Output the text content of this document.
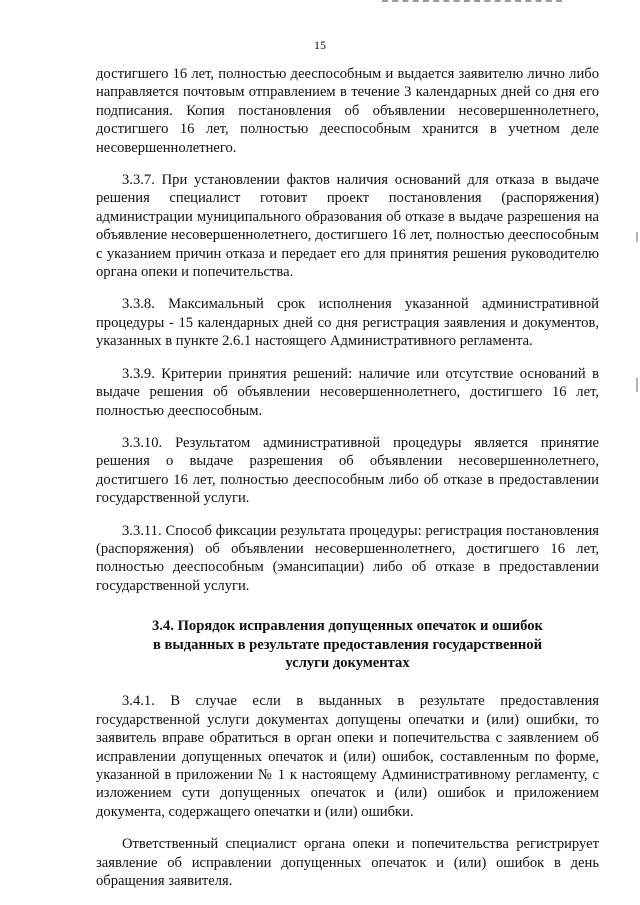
15

достигшего 16 лет, полностью дееспособным и выдается заявителю лично либо направляется почтовым отправлением в течение 3 календарных дней со дня его подписания. Копия постановления об объявлении несовершеннолетнего, достигшего 16 лет, полностью дееспособным хранится в учетном деле несовершеннолетнего.

3.3.7. При установлении фактов наличия оснований для отказа в выдаче решения специалист готовит проект постановления (распоряжения) администрации муниципального образования об отказе в выдаче разрешения на объявление несовершеннолетнего, достигшего 16 лет, полностью дееспособным с указанием причин отказа и передает его для принятия решения руководителю органа опеки и попечительства.

3.3.8. Максимальный срок исполнения указанной административной процедуры - 15 календарных дней со дня регистрация заявления и документов, указанных в пункте 2.6.1 настоящего Административного регламента.

3.3.9. Критерии принятия решений: наличие или отсутствие оснований в выдаче решения об объявлении несовершеннолетнего, достигшего 16 лет, полностью дееспособным.

3.3.10. Результатом административной процедуры является принятие решения о выдаче разрешения об объявлении несовершеннолетнего, достигшего 16 лет, полностью дееспособным либо об отказе в предоставлении государственной услуги.

3.3.11. Способ фиксации результата процедуры: регистрация постановления (распоряжения) об объявлении несовершеннолетнего, достигшего 16 лет, полностью дееспособным (эмансипации) либо об отказе в предоставлении государственной услуги.

3.4. Порядок исправления допущенных опечаток и ошибок
в выданных в результате предоставления государственной
услуги документах

3.4.1. В случае если в выданных в результате предоставления государственной услуги документах допущены опечатки и (или) ошибки, то заявитель вправе обратиться в орган опеки и попечительства с заявлением об исправлении допущенных опечаток и (или) ошибок, составленным по форме, указанной в приложении № 1 к настоящему Административному регламенту, с изложением сути допущенных опечаток и (или) ошибок и приложением документа, содержащего опечатки и (или) ошибки.

Ответственный специалист органа опеки и попечительства регистрирует заявление об исправлении допущенных опечаток и (или) ошибок в день обращения заявителя.
